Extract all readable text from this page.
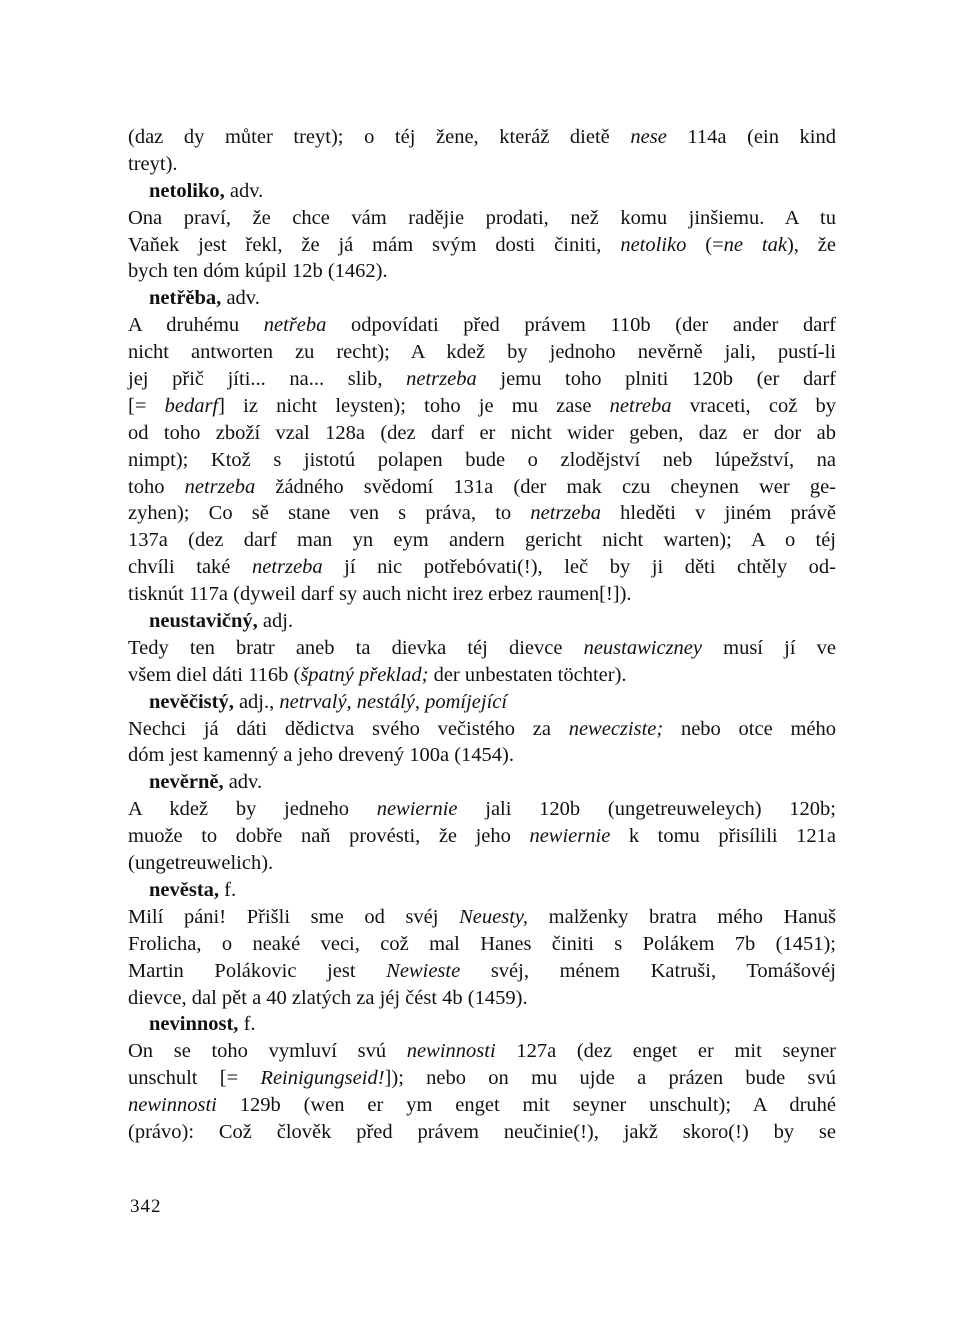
(daz dy můter treyt); o téj žene, kteráž dietě nese 114a (ein kind
treyt).
netoliko, adv.
Ona praví, že chce vám radějie prodati, než komu jinšiemu. A tu
Vaňek jest řekl, že já mám svým dosti činiti, netoliko (=ne tak), že
bych ten dóm kúpil 12b (1462).
netřěba, adv.
A druhému netřeba odpovídati před právem 110b (der ander darf
nicht antworten zu recht); A kdež by jednoho nevěrně jali, pustí-li
jej přič jíti... na... slib, netrzeba jemu toho plniti 120b (er darf
[= bedarf] iz nicht leysten); toho je mu zase netreba vraceti, což by
od toho zboží vzal 128a (dez darf er nicht wider geben, daz er dor ab
nimpt); Ktož s jistotú polapen bude o zlodějství neb lúpežství, na
toho netrzeba žádného svědomí 131a (der mak czu cheynen wer ge-
zyhen); Co sě stane ven s práva, to netrzeba hleděti v jiném právě
137a (dez darf man yn eym andern gericht nicht warten); A o téj
chvíli také netrzeba jí nic potřebóvati(!), leč by ji děti chtěly od-
tisknút 117a (dyweil darf sy auch nicht irez erbez raumen[!]).
neustavičný, adj.
Tedy ten bratr aneb ta dievka téj dievce neustawiczney musí jí ve
všem diel dáti 116b (špatný překlad; der unbestaten töchter).
nevěčistý, adj., netrvalý, nestálý, pomíjející
Nechci já dáti dědictva svého večistého za newecziste; nebo otce mého
dóm jest kamenný a jeho drevený 100a (1454).
nevěrně, adv.
A kdež by jedneho newiernie jali 120b (ungetreuweleych) 120b;
muože to dobře naň provésti, že jeho newiernie k tomu přisílili 121a
(ungetreuwelich).
nevěsta, f.
Milí páni! Přišli sme od svéj Neuesty, malženky bratra mého Hanuš
Frolicha, o neaké veci, což mal Hanes činiti s Polákem 7b (1451);
Martin Polákovic jest Newieste svéj, ménem Katruši, Tomášovéj
dievce, dal pět a 40 zlatých za jéj čést 4b (1459).
nevinnost, f.
On se toho vymluví svú newinnosti 127a (dez enget er mit seyner
unschult [= Reinigungseid!]); nebo on mu ujde a prázen bude svú
newinnosti 129b (wen er ym enget mit seyner unschult); A druhé
(právo): Což člověk před právem neučinie(!), jakž skoro(!) by se
342
